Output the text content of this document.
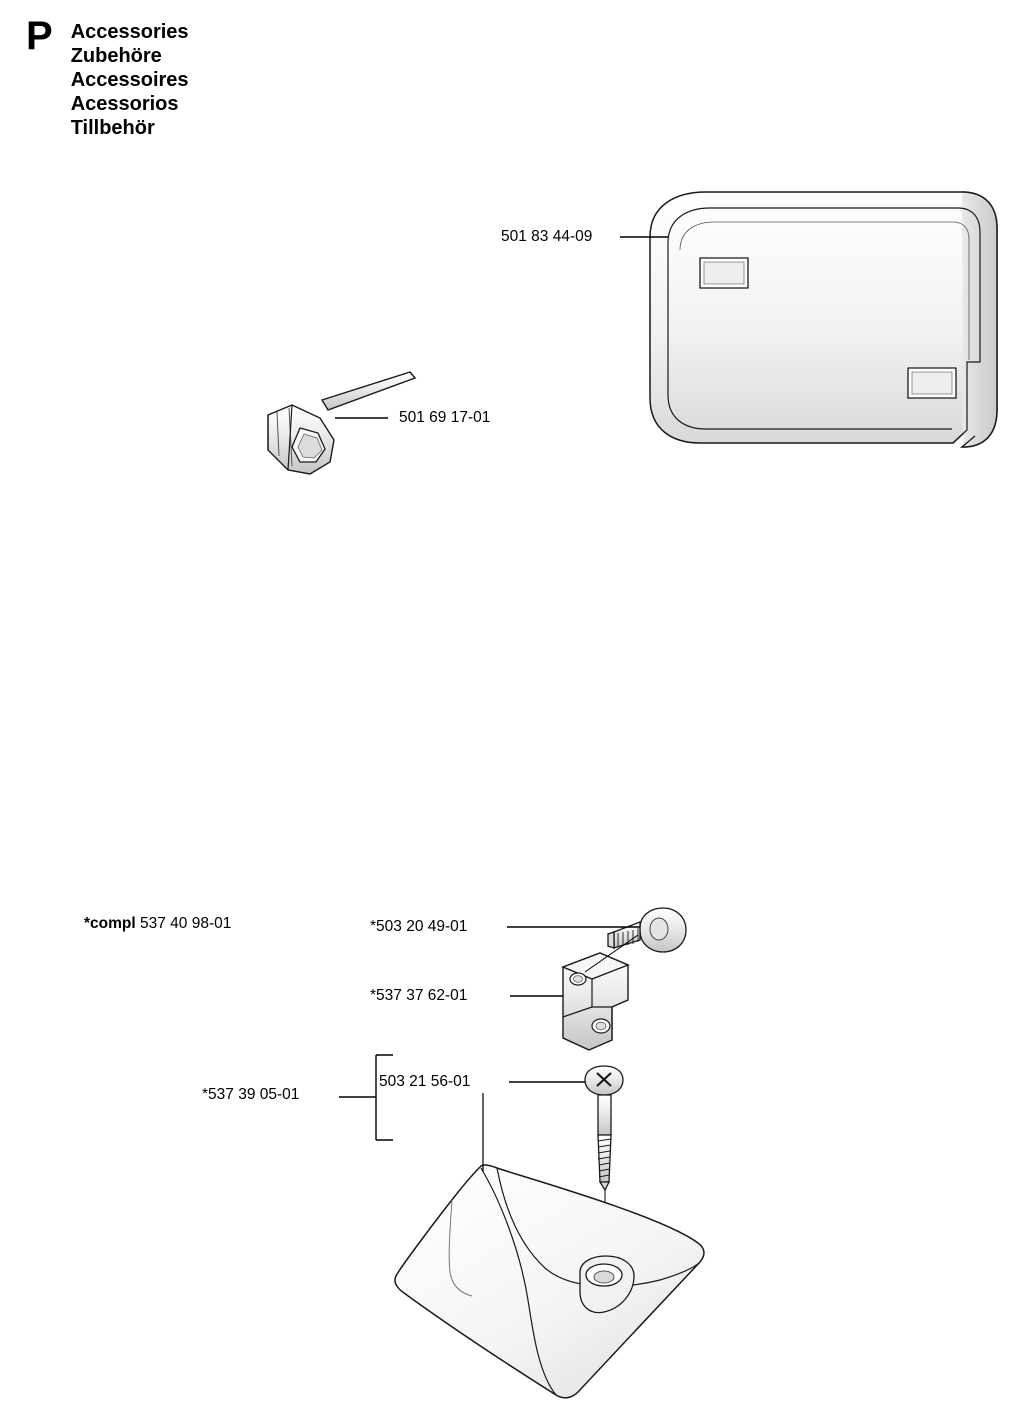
P Accessories
Zubehöre
Accessoires
Acessorios
Tillbehör
501 83 44-09
501 69 17-01
*compl 537 40 98-01	*503 20 49-01
*537 37 62-01
*537 39 05-01
503 21 56-01
